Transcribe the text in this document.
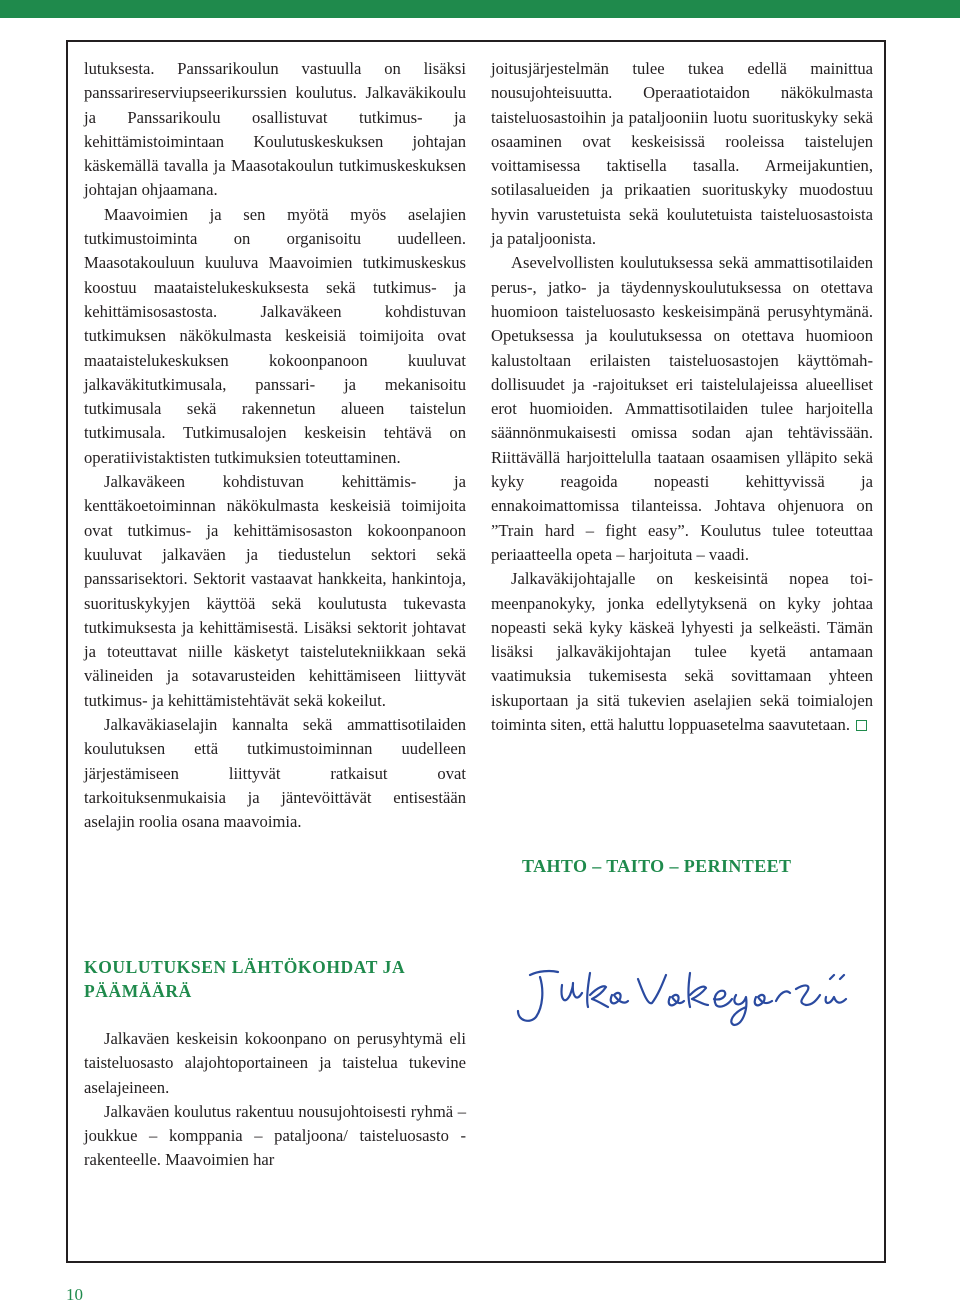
lutuksesta. Panssarikoulun vastuulla on lisäksi panssarireserviupseerikurssien koulutus. Jalkaväkikoulu ja Panssarikoulu osallistuvat tutkimus- ja kehittämistoimintaan Koulutuskeskuksen johtajan käskemällä tavalla ja Maasotakoulun tutkimuskeskuksen johtajan ohjaamana.

Maavoimien ja sen myötä myös aselajien tutkimustoiminta on organisoitu uudelleen. Maasotakouluun kuuluva Maavoimien tutkimuskeskus koostuu maataistelukeskuksesta sekä tutkimus- ja kehittämisosastosta. Jalkaväkeen kohdistuvan tutkimuksen näkökulmasta keskeisiä toimijoita ovat maataistelukeskuksen kokoonpanoon kuuluvat jalkaväkitutkimusala, panssari- ja mekanisoitu tutkimusala sekä rakennetun alueen taistelun tutkimusala. Tutkimusalojen keskeisin tehtävä on operatiivistaktisten tutkimuksien toteuttaminen.

Jalkaväkeen kohdistuvan kehittämis- ja kenttäkoetoiminnan näkökulmasta keskeisiä toimijoita ovat tutkimus- ja kehittämisosaston kokoonpanoon kuuluvat jalkaväen ja tiedustelun sektori sekä panssarisektori. Sektorit vastaavat hankkeita, hankintoja, suorituskykyjen käyttöä sekä koulutusta tukevasta tutkimuksesta ja kehittämisestä. Lisäksi sektorit johtavat ja toteuttavat niille käsketyt taistelutekniikkaan sekä välineiden ja sotavarusteiden kehittämiseen liittyvät tutkimus- ja kehittämistehtävät sekä kokeilut.

Jalkaväkiaselajin kannalta sekä ammattisotilaiden koulutuksen että tutkimustoiminnan uudelleen järjestämiseen liittyvät ratkaisut ovat tarkoituksenmukaisia ja jäntevöittävät entisestään aselajin roolia osana maavoimia.

KOULUTUKSEN LÄHTÖKOHDAT JA PÄÄMÄÄRÄ

Jalkaväen keskeisin kokoonpano on perusyhtymä eli taisteluosasto alajohtoportaineen ja taistelua tukevine aselajeineen.

Jalkaväen koulutus rakentuu nousujohtoisesti ryhmä – joukkue – komppania – pataljoona/ taisteluosasto -rakenteelle. Maavoimien har

joitusjärjestelmän tulee tukea edellä mainittua nousujohteisuutta. Operaatiotaidon näkökulmasta taisteluosastoihin ja pataljooniin luotu suorituskyky sekä osaaminen ovat keskeisissä rooleissa taistelujen voittamisessa taktisella tasalla. Armeijakuntien, sotilasalueiden ja prikaatien suorituskyky muodostuu hyvin varustetuista sekä koulutetuista taisteluosastoista ja pataljoonista.

Asevelvollisten koulutuksessa sekä ammattisotilaiden perus-, jatko- ja täydennyskoulutuksessa on otettava huomioon taisteluosasto keskeisimpänä perusyhtymänä. Opetuksessa ja koulutuksessa on otettava huomioon kalustoltaan erilaisten taisteluosastojen käyttömahdollisuudet ja -rajoitukset eri taistelulajeissa alueelliset erot huomioiden. Ammattisotilaiden tulee harjoitella säännönmukaisesti omissa sodan ajan tehtävissään. Riittävällä harjoittelulla taataan osaamisen ylläpito sekä kyky reagoida nopeasti kehittyvissä ja ennakoimattomissa tilanteissa. Johtava ohjenuora on ”Train hard – fight easy”. Koulutus tulee toteuttaa periaatteella opeta – harjoituta – vaadi.

Jalkaväkijohtajalle on keskeisintä nopea toimeenpanokyky, jonka edellytyksenä on kyky johtaa nopeasti sekä kyky käskeä lyhyesti ja selkeästi. Tämän lisäksi jalkaväkijohtajan tulee kyetä antamaan vaatimuksia tukemisesta sekä sovittamaan yhteen iskuportaan ja sitä tukevien aselajien sekä toimialojen toiminta siten, että haluttu loppuasetelma saavutetaan.

TAHTO – TAITO – PERINTEET
10
